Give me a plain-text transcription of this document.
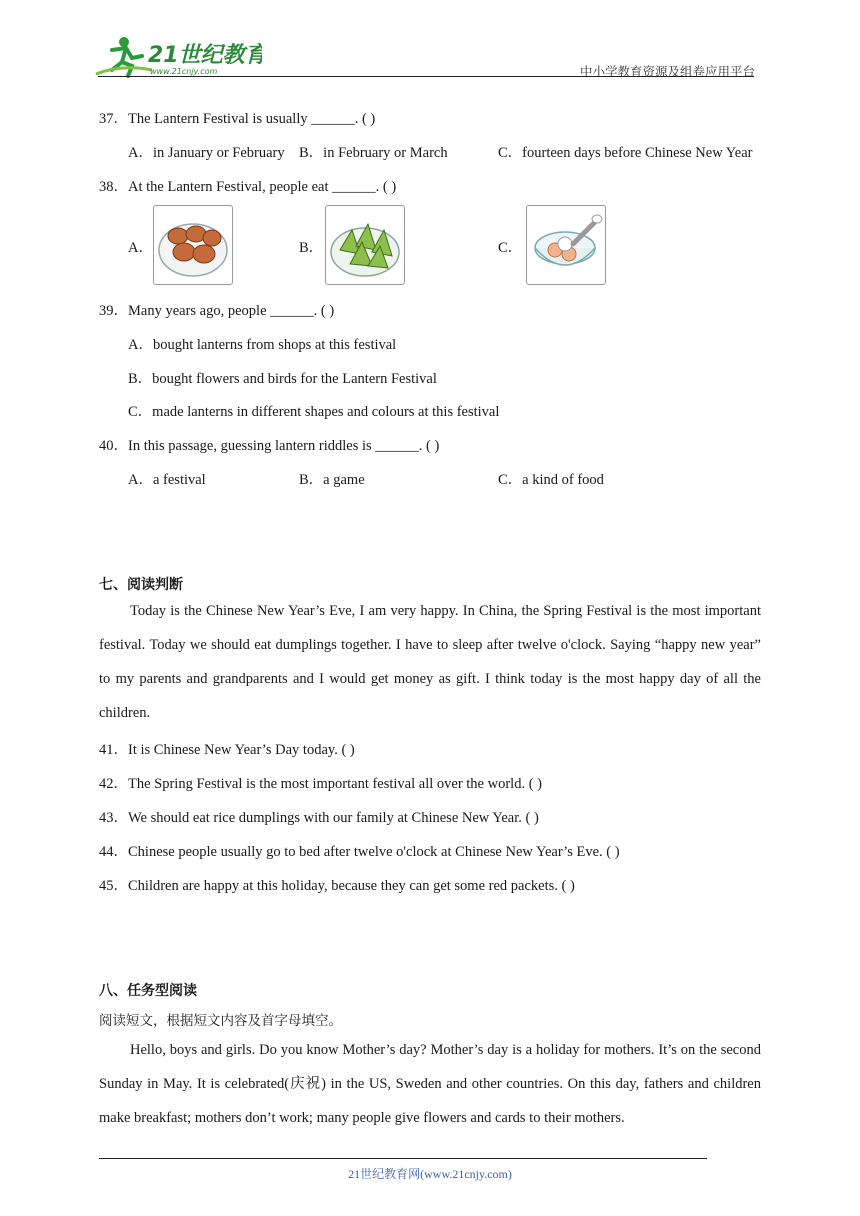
21世纪教育
www.21cnjy.com	中小学教育资源及组卷应用平台
37．The Lantern Festival is usually ______. ( )
A．in January or February B．in February or March	C．fourteen days before Chinese New Year
38．At the Lantern Festival, people eat ______. ( )
A．	B．	C．
39．Many years ago, people ______. ( )
A．bought lanterns from shops at this festival
B．bought flowers and birds for the Lantern Festival
C．made lanterns in different shapes and colours at this festival
40．In this passage, guessing lantern riddles is ______. ( )
A．a festival	B．a game	C．a kind of food
七、阅读判断
Today is the Chinese New Year’s Eve, I am very happy. In China, the Spring Festival is the most important festival. Today we should eat dumplings together. I have to sleep after twelve o'clock. Saying “happy new year” to my parents and grandparents and I would get money as gift. I think today is the most happy day of all the children.
41．It is Chinese New Year’s Day today. ( )
42．The Spring Festival is the most important festival all over the world. ( )
43．We should eat rice dumplings with our family at Chinese New Year. ( )
44．Chinese people usually go to bed after twelve o'clock at Chinese New Year’s Eve. ( )
45．Children are happy at this holiday, because they can get some red packets. ( )
八、任务型阅读
阅读短文，根据短文内容及首字母填空。
Hello, boys and girls. Do you know Mother’s day? Mother’s day is a holiday for mothers. It’s on the second Sunday in May. It is celebrated(庆祝) in the US, Sweden and other countries. On this day, fathers and children make breakfast; mothers don’t work; many people give flowers and cards to their mothers.
21世纪教育网(www.21cnjy.com)
